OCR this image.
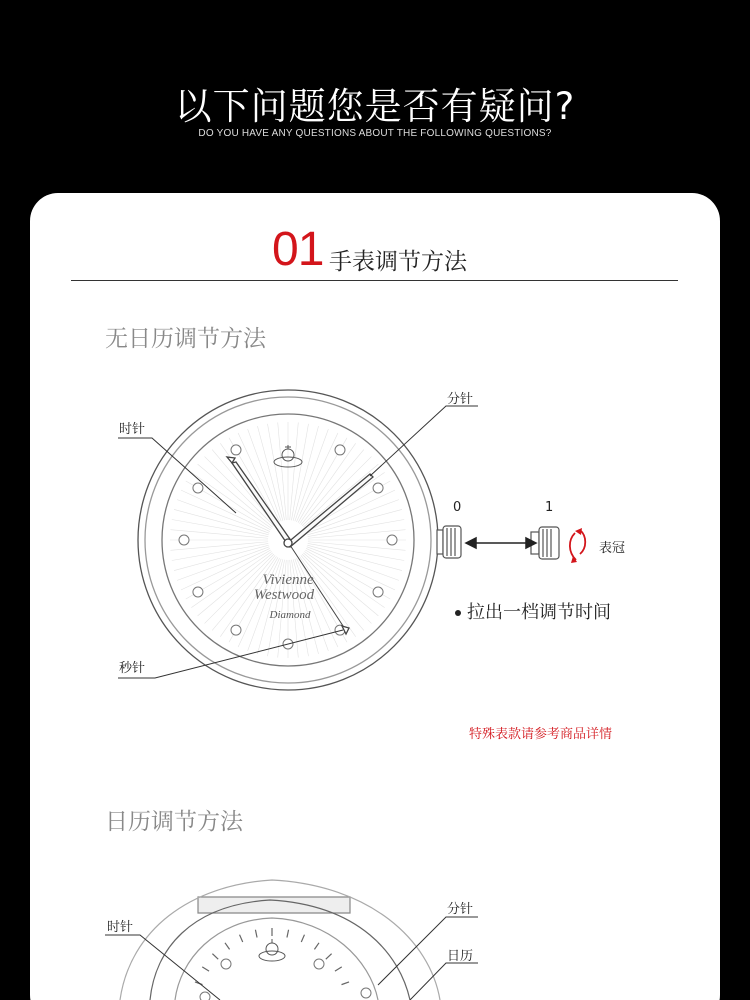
以下问题您是否有疑问?
DO YOU HAVE ANY QUESTIONS ABOUT THE FOLLOWING QUESTIONS?
01 手表调节方法
无日历调节方法
Vivienne
Westwood
Diamond
时针
分针
秒针
0	1
表冠
拉出一档调节时间
特殊表款请参考商品详情
日历调节方法
时针
分针
日历
